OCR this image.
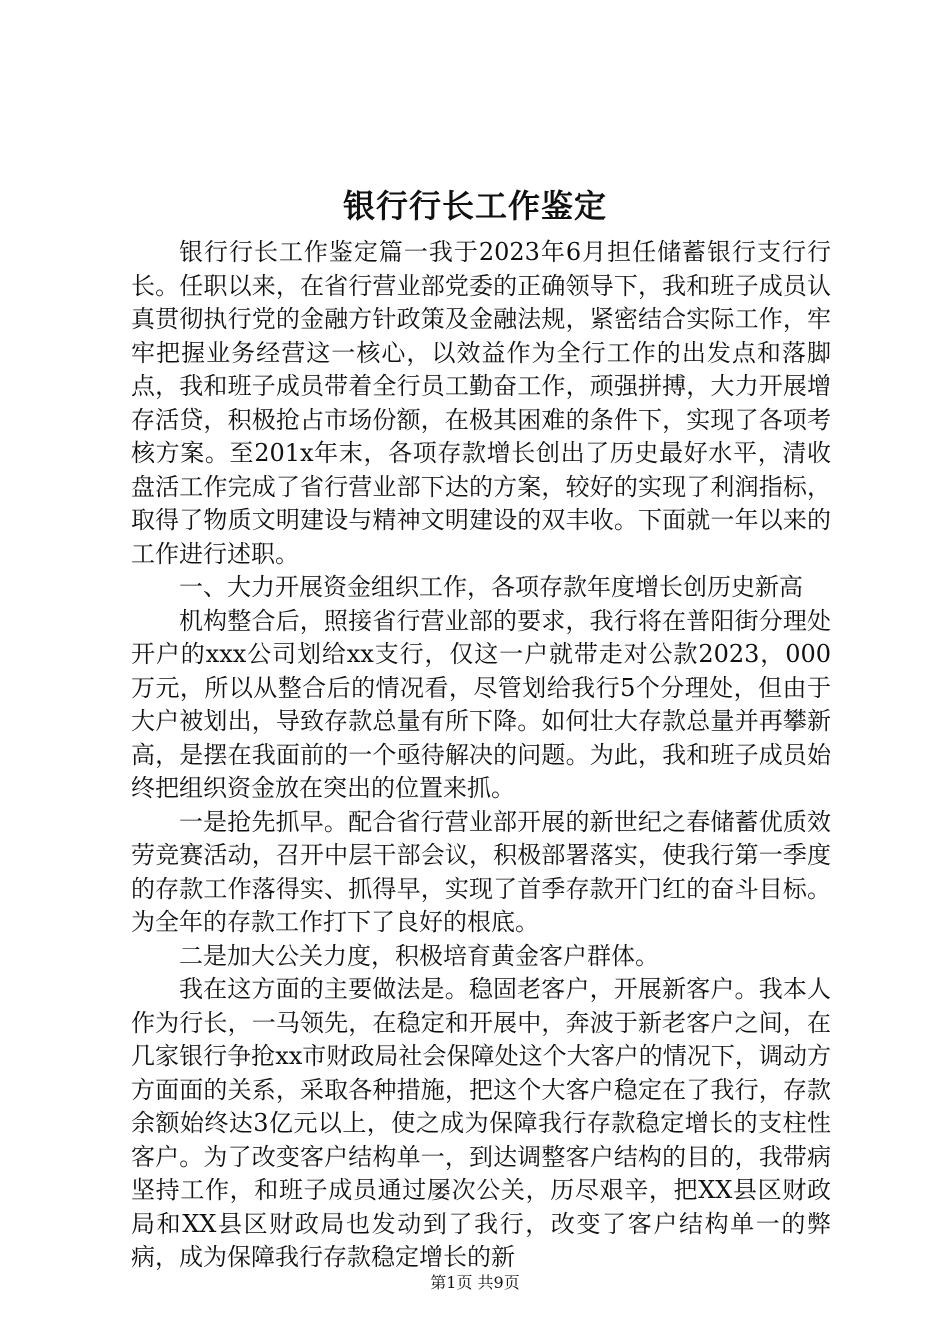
银行行长工作鉴定

银行行长工作鉴定篇一我于2023年6月担任储蓄银行支行行长。任职以来，在省行营业部党委的正确领导下，我和班子成员认真贯彻执行党的金融方针政策及金融法规，紧密结合实际工作，牢牢把握业务经营这一核心，以效益作为全行工作的出发点和落脚点，我和班子成员带着全行员工勤奋工作，顽强拼搏，大力开展增存活贷，积极抢占市场份额，在极其困难的条件下，实现了各项考核方案。至201x年末，各项存款增长创出了历史最好水平，清收盘活工作完成了省行营业部下达的方案，较好的实现了利润指标，取得了物质文明建设与精神文明建设的双丰收。下面就一年以来的工作进行述职。

一、大力开展资金组织工作，各项存款年度增长创历史新高

机构整合后，照接省行营业部的要求，我行将在普阳街分理处开户的xxx公司划给xx支行，仅这一户就带走对公款2023，000万元，所以从整合后的情况看，尽管划给我行5个分理处，但由于大户被划出，导致存款总量有所下降。如何壮大存款总量并再攀新高，是摆在我面前的一个亟待解决的问题。为此，我和班子成员始终把组织资金放在突出的位置来抓。

一是抢先抓早。配合省行营业部开展的新世纪之春储蓄优质效劳竞赛活动，召开中层干部会议，积极部署落实，使我行第一季度的存款工作落得实、抓得早，实现了首季存款开门红的奋斗目标。为全年的存款工作打下了良好的根底。

二是加大公关力度，积极培育黄金客户群体。

我在这方面的主要做法是。稳固老客户，开展新客户。我本人作为行长，一马领先，在稳定和开展中，奔波于新老客户之间，在几家银行争抢xx市财政局社会保障处这个大客户的情况下，调动方方面面的关系，采取各种措施，把这个大客户稳定在了我行，存款余额始终达3亿元以上，使之成为保障我行存款稳定增长的支柱性客户。为了改变客户结构单一，到达调整客户结构的目的，我带病坚持工作，和班子成员通过屡次公关，历尽艰辛，把XX县区财政局和XX县区财政局也发动到了我行，改变了客户结构单一的弊病，成为保障我行存款稳定增长的新

第1页 共9页
